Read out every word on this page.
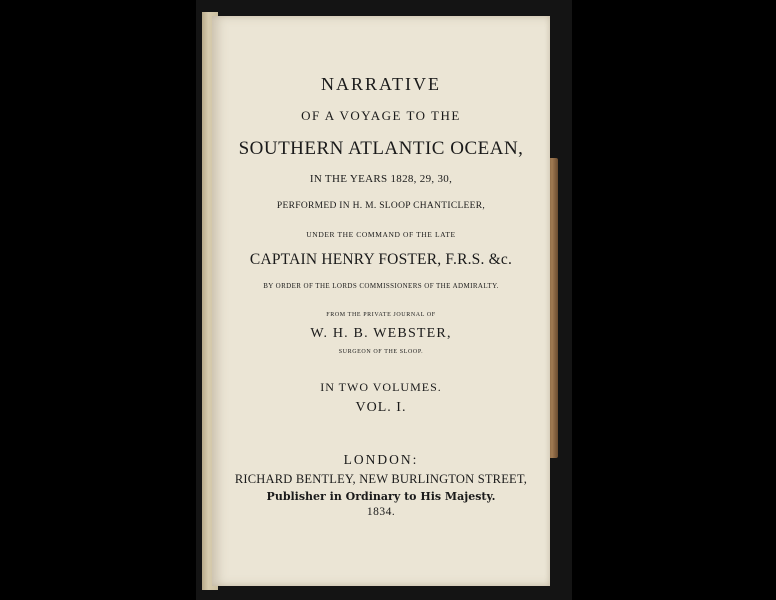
NARRATIVE
OF A VOYAGE TO THE
SOUTHERN ATLANTIC OCEAN,
IN THE YEARS 1828, 29, 30,
PERFORMED IN H. M. SLOOP CHANTICLEER,
UNDER THE COMMAND OF THE LATE
CAPTAIN HENRY FOSTER, F.R.S. &c.
BY ORDER OF THE LORDS COMMISSIONERS OF THE ADMIRALTY.
FROM THE PRIVATE JOURNAL OF
W. H. B. WEBSTER,
SURGEON OF THE SLOOP.
IN TWO VOLUMES.
VOL. I.
LONDON:
RICHARD BENTLEY, NEW BURLINGTON STREET,
Publisher in Ordinary to His Majesty.
1834.
